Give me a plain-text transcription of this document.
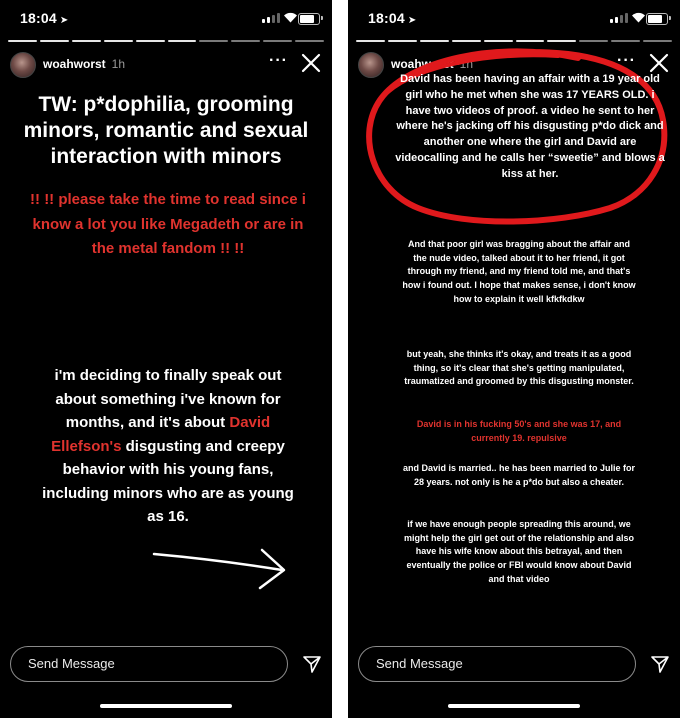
18:04 ➤
woahworst 1h	···
TW: p*dophilia, grooming minors, romantic and sexual interaction with minors
!! !! please take the time to read since i know a lot you like Megadeth or are in the metal fandom !! !!
i'm deciding to finally speak out about something i've known for months, and it's about David Ellefson's disgusting and creepy behavior with his young fans, including minors who are as young as 16.
Send Message
18:04 ➤
woahworst 1h	···
David has been having an affair with a 19 year old girl who he met when she was 17 YEARS OLD. i have two videos of proof. a video he sent to her where he's jacking off his disgusting p*do dick and another one where the girl and David are videocalling and he calls her “sweetie” and blows a kiss at her.
And that poor girl was bragging about the affair and the nude video, talked about it to her friend, it got through my friend, and my friend told me, and that's how i found out. I hope that makes sense, i don't know how to explain it well kfkfkdkw
but yeah, she thinks it's okay, and treats it as a good thing, so it's clear that she's getting manipulated, traumatized and groomed by this disgusting monster.
David is in his fucking 50's and she was 17, and currently 19. repulsive
and David is married.. he has been married to Julie for 28 years. not only is he a p*do but also a cheater.
if we have enough people spreading this around, we might help the girl get out of the relationship and also have his wife know about this betrayal, and then eventually the police or FBI would know about David and that video
Send Message
